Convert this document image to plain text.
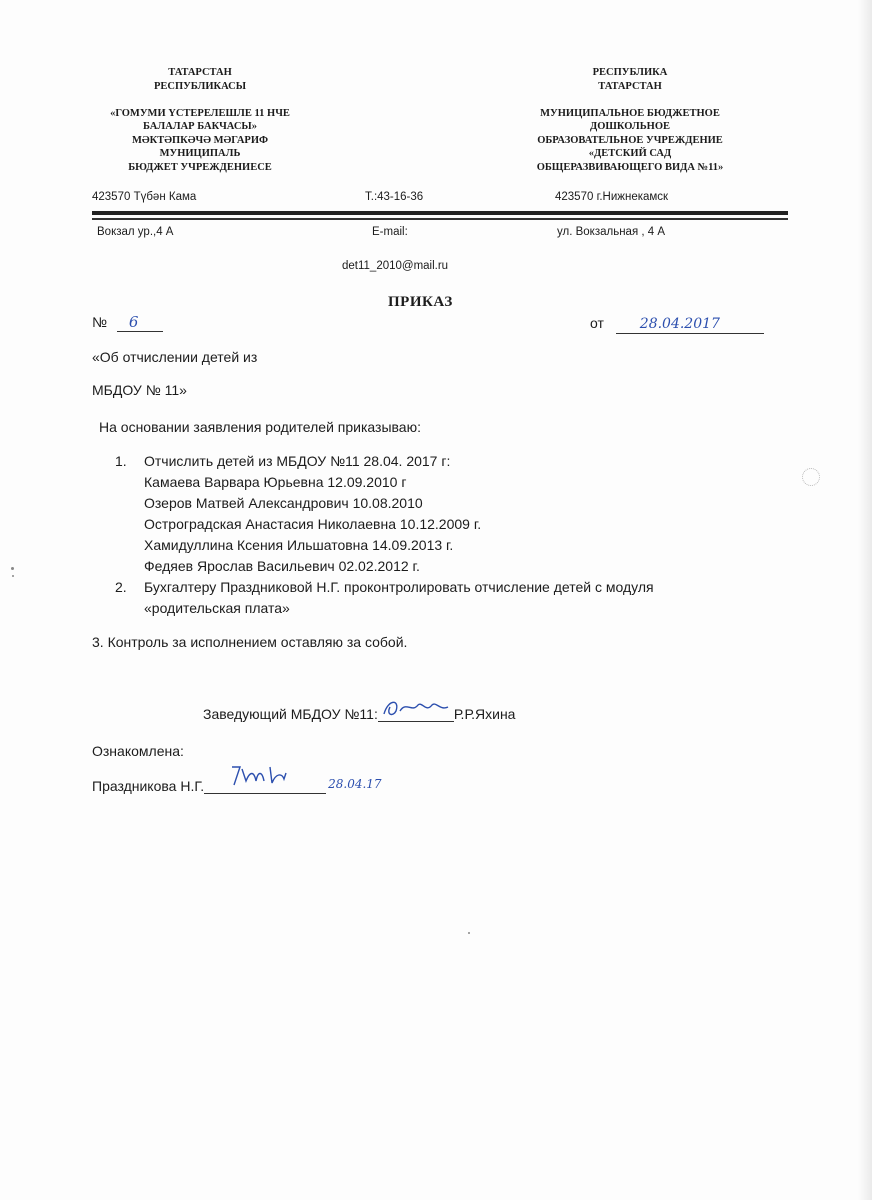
ТАТАРСТАН
РЕСПУБЛИКАСЫ
«ГОМУМИ ҮСТЕРЕЛЕШЛЕ 11 НЧЕ
БАЛАЛАР БАКЧАСЫ»
МӘКТӘПКӘЧӘ МӘГАРИФ
МУНИЦИПАЛЬ
БЮДЖЕТ УЧРЕЖДЕНИЕСЕ
РЕСПУБЛИКА
ТАТАРСТАН
МУНИЦИПАЛЬНОЕ БЮДЖЕТНОЕ
ДОШКОЛЬНОЕ
ОБРАЗОВАТЕЛЬНОЕ УЧРЕЖДЕНИЕ
«ДЕТСКИЙ САД
ОБЩЕРАЗВИВАЮЩЕГО ВИДА №11»
423570 Түбән Кама	Т.:43-16-36	423570 г.Нижнекамск
Вокзал ур.,4 А	E-mail:	ул. Вокзальная , 4 А
det11_2010@mail.ru
ПРИКАЗ
№ 6	от	28.04.2017
«Об отчислении детей из
МБДОУ № 11»
На основании заявления родителей приказываю:
1. Отчислить детей из МБДОУ №11 28.04. 2017 г:
Камаева Варвара Юрьевна 12.09.2010 г
Озеров Матвей Александрович 10.08.2010
Остроградская Анастасия Николаевна 10.12.2009 г.
Хамидуллина Ксения Ильшатовна 14.09.2013 г.
Федяев Ярослав Васильевич 02.02.2012 г.
2. Бухгалтеру Праздниковой Н.Г. проконтролировать отчисление детей с модуля
«родительская плата»
3. Контроль за исполнением оставляю за собой.
Заведующий МБДОУ №11:	Р.Р.Яхина
Ознакомлена:
Праздникова Н.Г.	28.04.17
